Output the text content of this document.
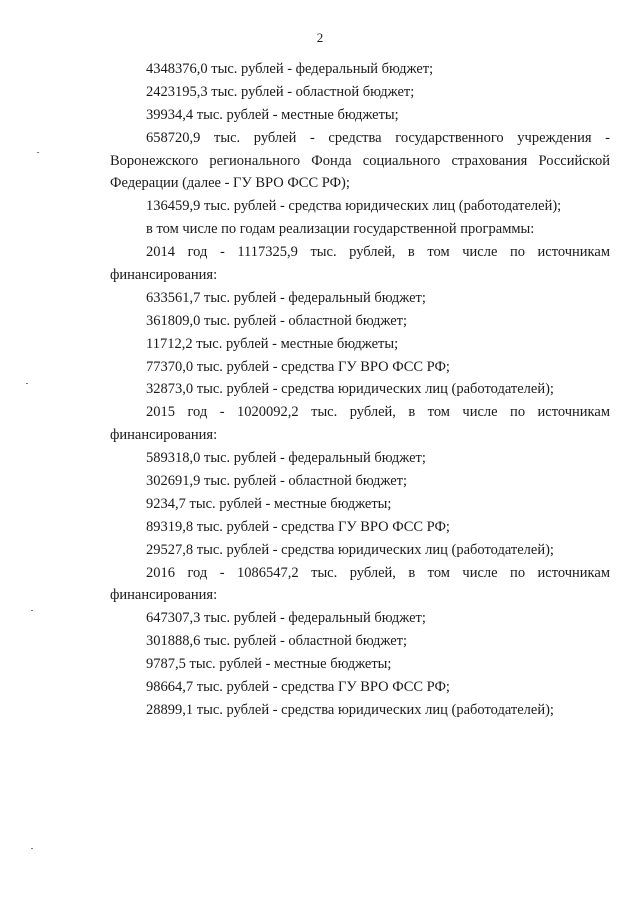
2
4348376,0 тыс. рублей - федеральный бюджет;
2423195,3 тыс. рублей - областной бюджет;
39934,4 тыс. рублей - местные бюджеты;
658720,9 тыс. рублей - средства государственного учреждения -
Воронежского регионального Фонда социального страхования Российской
Федерации (далее - ГУ ВРО ФСС РФ);
136459,9 тыс. рублей - средства юридических лиц (работодателей);
в том числе по годам реализации государственной программы:
2014 год - 1117325,9 тыс. рублей, в том числе по источникам
финансирования:
633561,7 тыс. рублей - федеральный бюджет;
361809,0 тыс. рублей - областной бюджет;
11712,2 тыс. рублей - местные бюджеты;
77370,0 тыс. рублей - средства ГУ ВРО ФСС РФ;
32873,0 тыс. рублей - средства юридических лиц (работодателей);
2015 год - 1020092,2 тыс. рублей, в том числе по источникам
финансирования:
589318,0 тыс. рублей - федеральный бюджет;
302691,9 тыс. рублей - областной бюджет;
9234,7 тыс. рублей - местные бюджеты;
89319,8 тыс. рублей - средства ГУ ВРО ФСС РФ;
29527,8 тыс. рублей - средства юридических лиц (работодателей);
2016 год - 1086547,2 тыс. рублей, в том числе по источникам
финансирования:
647307,3 тыс. рублей - федеральный бюджет;
301888,6 тыс. рублей - областной бюджет;
9787,5 тыс. рублей - местные бюджеты;
98664,7 тыс. рублей - средства ГУ ВРО ФСС РФ;
28899,1 тыс. рублей - средства юридических лиц (работодателей);
